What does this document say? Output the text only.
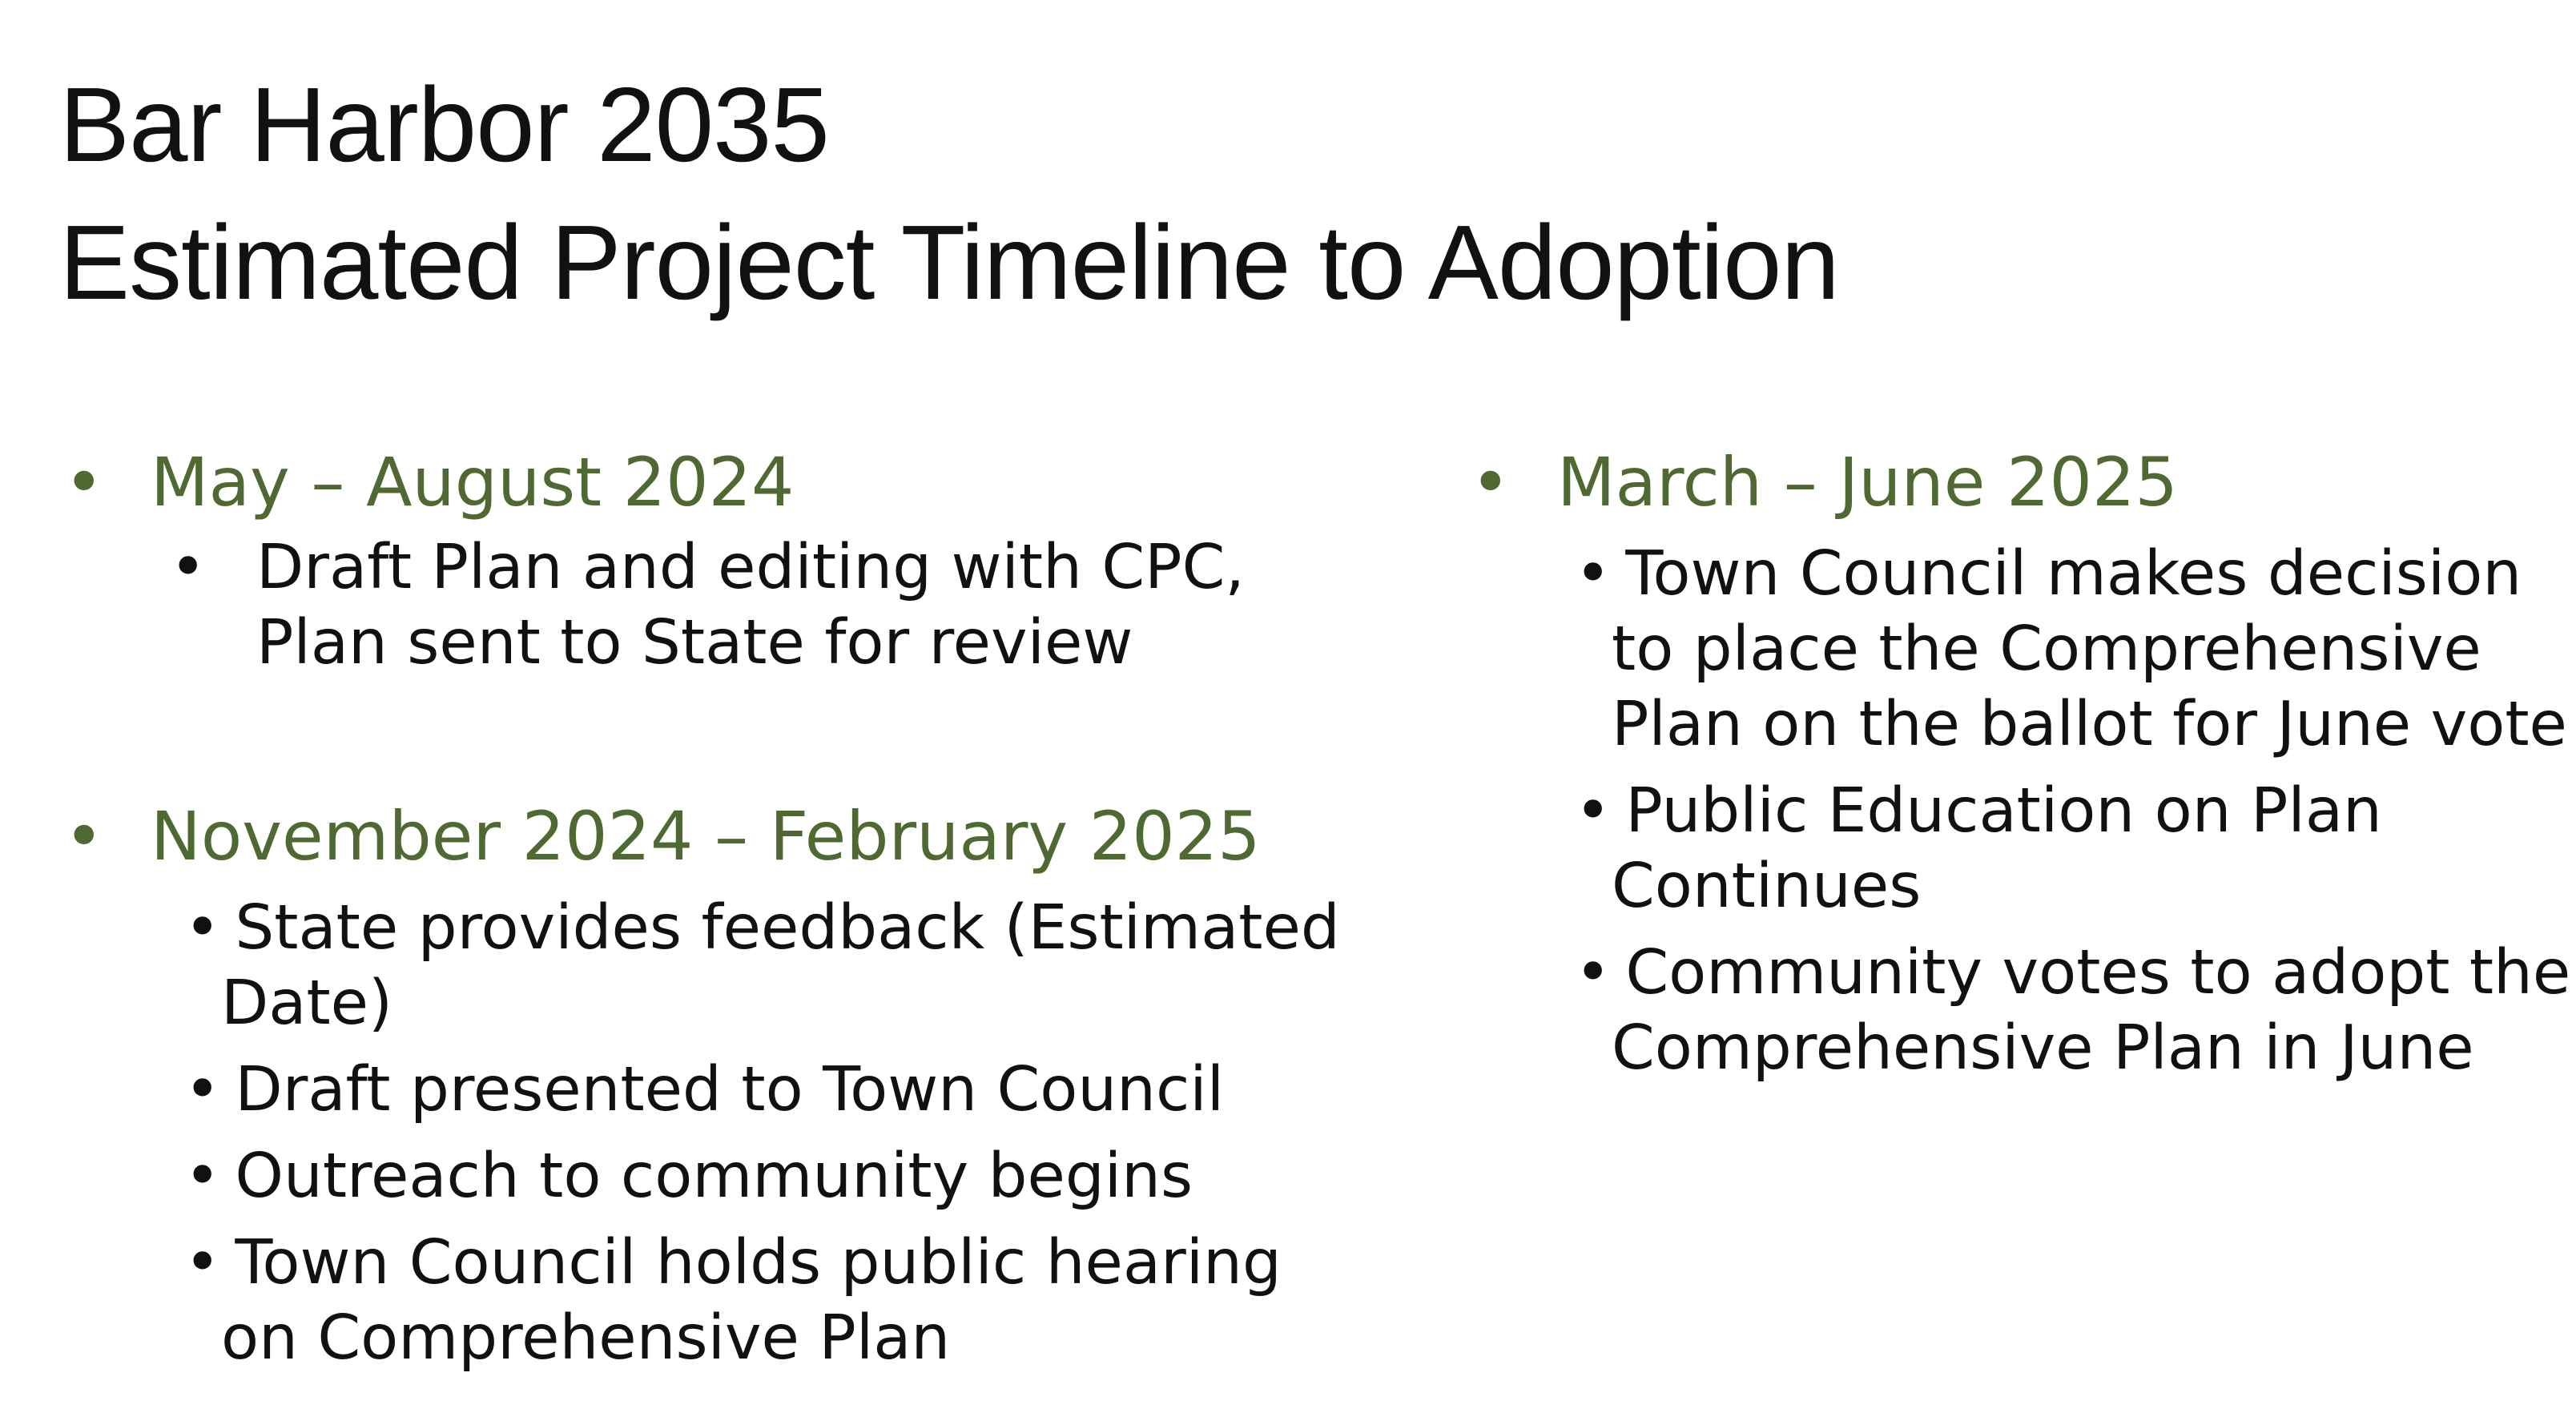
Bar Harbor 2035
Estimated Project Timeline to Adoption
• May – August 2024
• Draft Plan and editing with CPC, Plan sent to State for review
• November 2024 – February 2025
• State provides feedback (Estimated Date)
• Draft presented to Town Council
• Outreach to community begins
• Town Council holds public hearing on Comprehensive Plan
• March – June 2025
• Town Council makes decision to place the Comprehensive Plan on the ballot for June vote
• Public Education on Plan Continues
• Community votes to adopt the Comprehensive Plan in June
